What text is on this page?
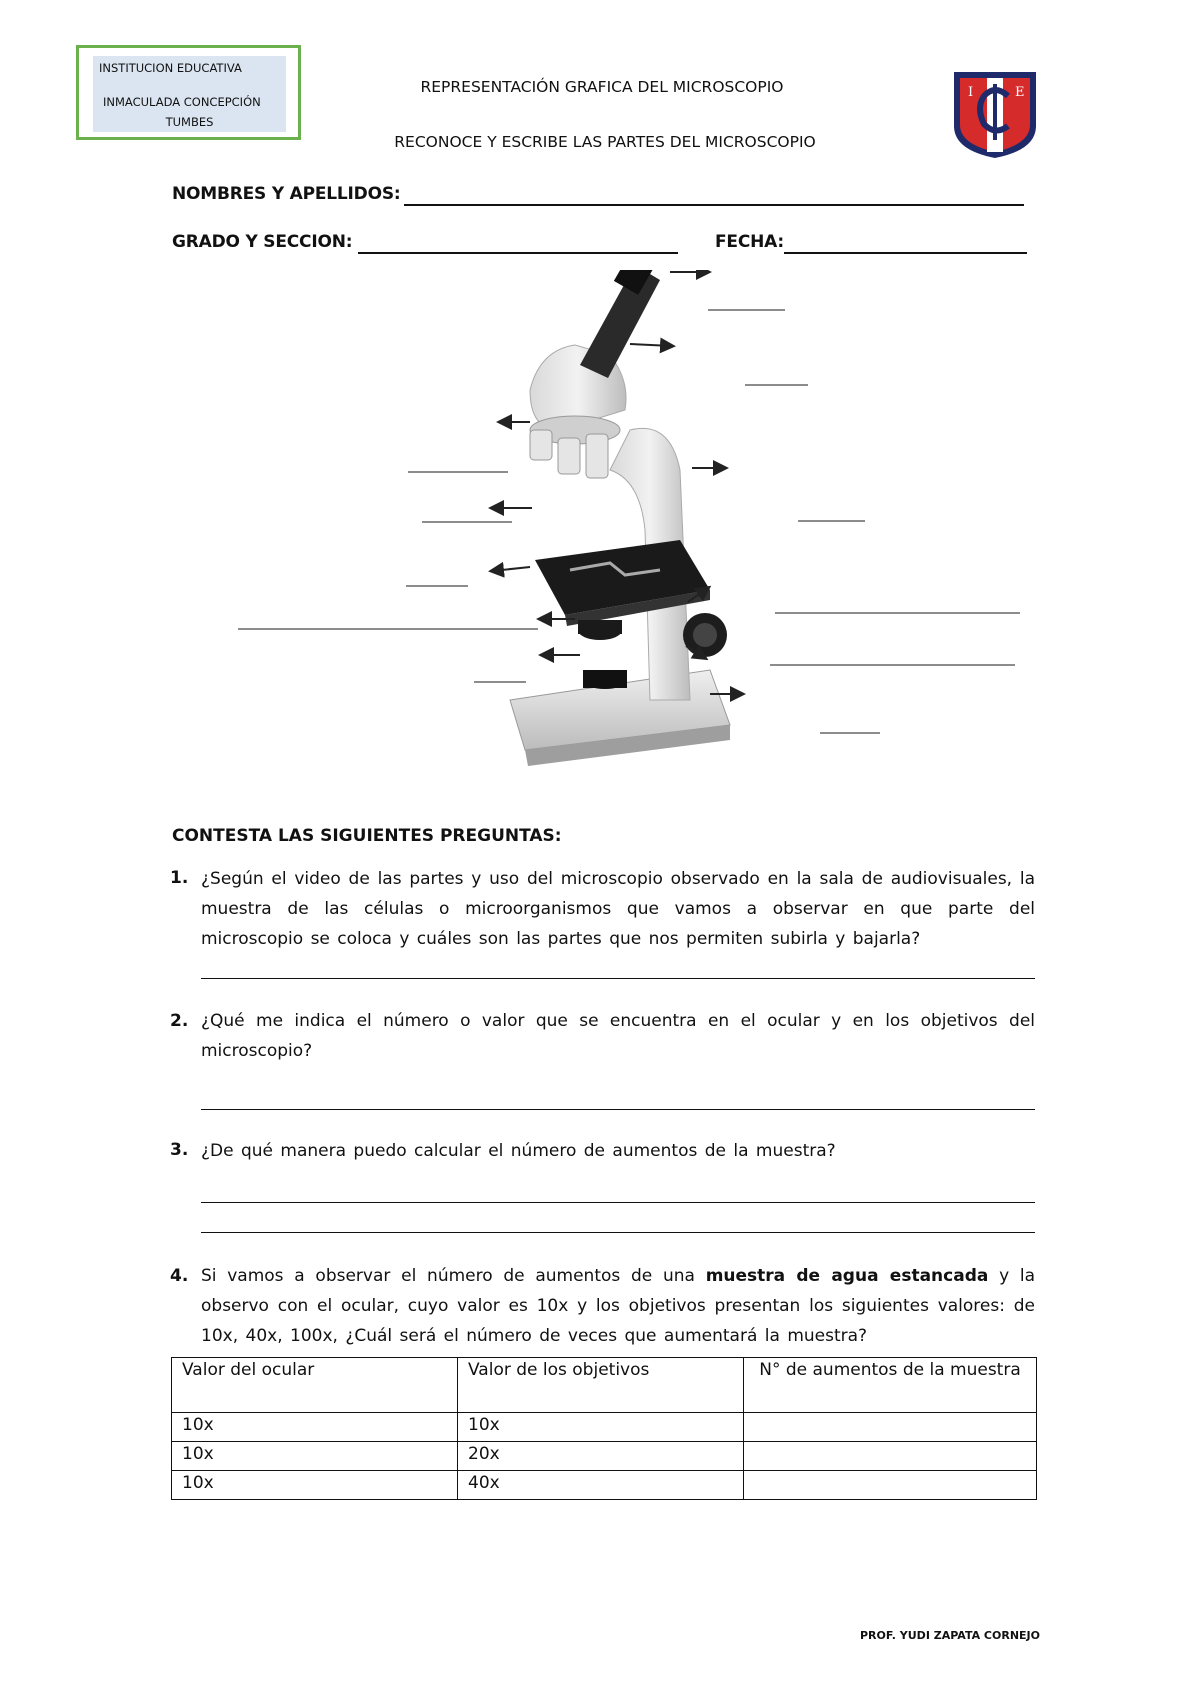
INSTITUCION EDUCATIVA
INMACULADA CONCEPCIÓN
TUMBES
REPRESENTACIÓN GRAFICA DEL MICROSCOPIO
RECONOCE Y ESCRIBE LAS PARTES DEL MICROSCOPIO
I	E
NOMBRES Y APELLIDOS:
GRADO Y SECCION:	FECHA:
CONTESTA LAS SIGUIENTES PREGUNTAS:
1. ¿Según el video de las partes y uso del microscopio observado en la sala de audiovisuales, la muestra de las células o microorganismos que vamos a observar en que parte del microscopio se coloca y cuáles son las partes que nos permiten subirla y bajarla?
2. ¿Qué me indica el número o valor que se encuentra en el ocular y en los objetivos del microscopio?
3. ¿De qué manera puedo calcular el número de aumentos de la muestra?
4. Si vamos a observar el número de aumentos de una muestra de agua estancada y la observo con el ocular, cuyo valor es 10x y los objetivos presentan los siguientes valores: de 10x, 40x, 100x, ¿Cuál será el número de veces que aumentará la muestra?
Valor del ocular	Valor de los objetivos	N° de aumentos de la muestra
10x	10x	
10x	20x	
10x	40x	
PROF. YUDI ZAPATA CORNEJO
